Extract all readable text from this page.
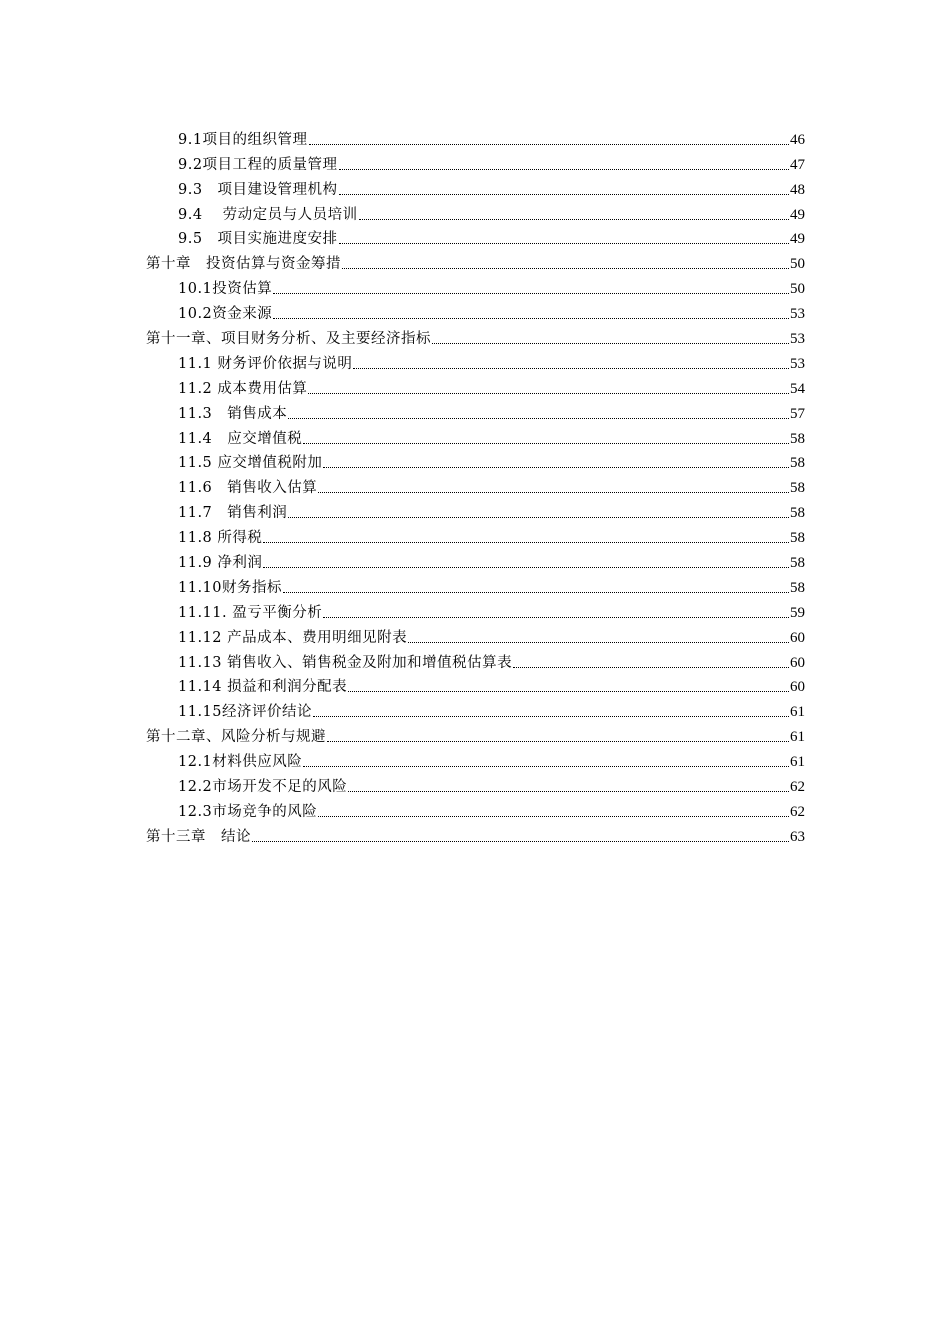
9.1项目的组织管理	46
9.2项目工程的质量管理	47
9.3　项目建设管理机构	48
9.4　 劳动定员与人员培训	49
9.5　项目实施进度安排	49
第十章　投资估算与资金筹措	50
10.1投资估算	50
10.2资金来源	53
第十一章、项目财务分析、及主要经济指标	53
11.1 财务评价依据与说明	53
11.2 成本费用估算	54
11.3　销售成本	57
11.4　应交增值税	58
11.5 应交增值税附加	58
11.6　销售收入估算	58
11.7　销售利润	58
11.8 所得税	58
11.9 净利润	58
11.10财务指标	58
11.11. 盈亏平衡分析	59
11.12 产品成本、费用明细见附表	60
11.13 销售收入、销售税金及附加和增值税估算表	60
11.14 损益和利润分配表	60
11.15经济评价结论	61
第十二章、风险分析与规避	61
12.1材料供应风险	61
12.2市场开发不足的风险	62
12.3市场竞争的风险	62
第十三章　结论	63
